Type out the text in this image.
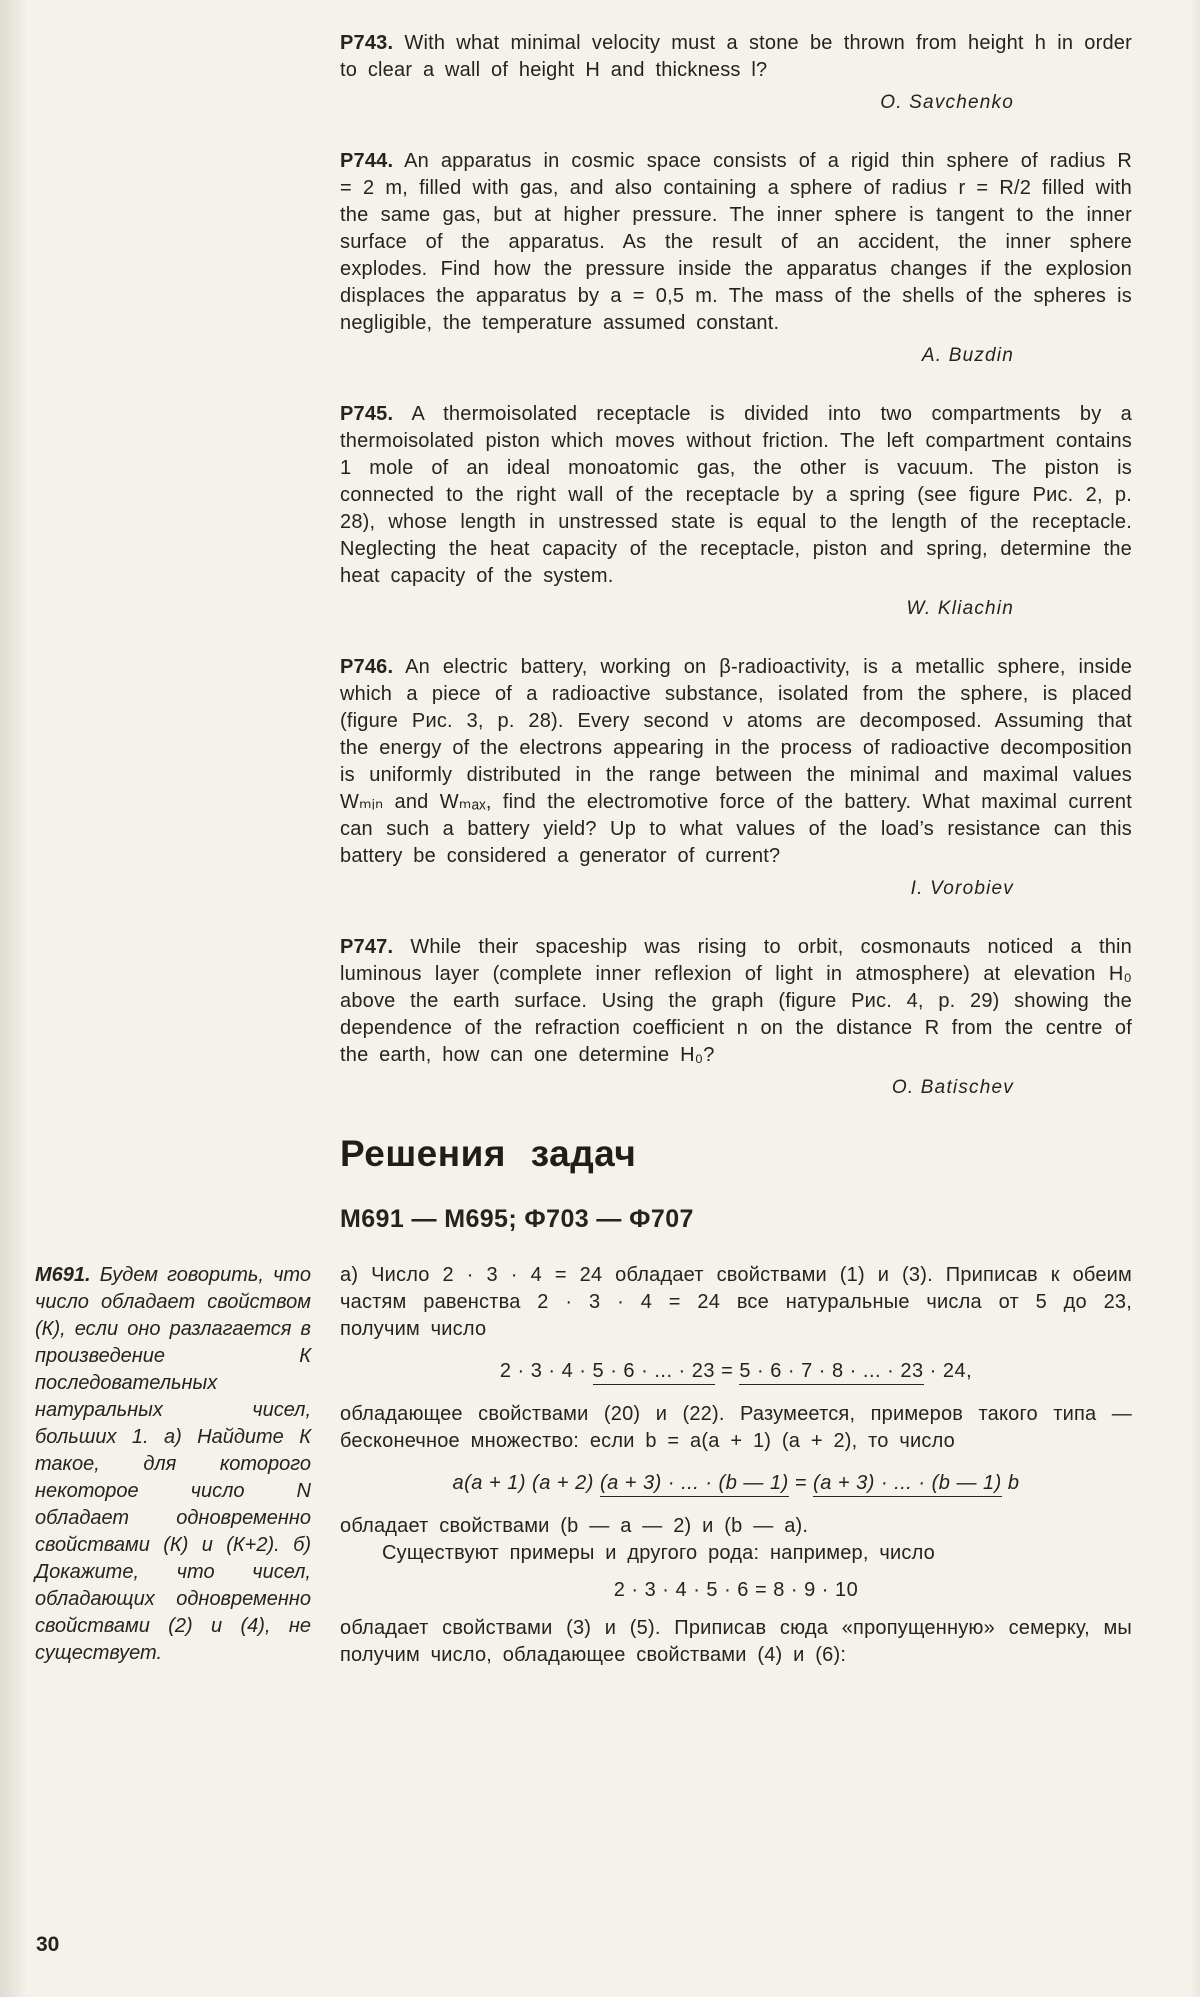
P743. With what minimal velocity must a stone be thrown from height h in order to clear a wall of height H and thickness l?

O. Savchenko

P744. An apparatus in cosmic space consists of a rigid thin sphere of radius R = 2 m, filled with gas, and also containing a sphere of radius r = R/2 filled with the same gas, but at higher pressure. The inner sphere is tangent to the inner surface of the apparatus. As the result of an accident, the inner sphere explodes. Find how the pressure inside the apparatus changes if the explosion displaces the apparatus by a = 0,5 m. The mass of the shells of the spheres is negligible, the temperature assumed constant.

A. Buzdin

P745. A thermoisolated receptacle is divided into two compartments by a thermoisolated piston which moves without friction. The left compartment contains 1 mole of an ideal monoatomic gas, the other is vacuum. The piston is connected to the right wall of the receptacle by a spring (see figure Рис. 2, p. 28), whose length in unstressed state is equal to the length of the receptacle. Neglecting the heat capacity of the receptacle, piston and spring, determine the heat capacity of the system.

W. Kliachin

P746. An electric battery, working on β-radioactivity, is a metallic sphere, inside which a piece of a radioactive substance, isolated from the sphere, is placed (figure Рис. 3, p. 28). Every second ν atoms are decomposed. Assuming that the energy of the electrons appearing in the process of radioactive decomposition is uniformly distributed in the range between the minimal and maximal values Wₘᵢₙ and Wₘₐₓ, find the electromotive force of the battery. What maximal current can such a battery yield? Up to what values of the load’s resistance can this battery be considered a generator of current?

I. Vorobiev

P747. While their spaceship was rising to orbit, cosmonauts noticed a thin luminous layer (complete inner reflexion of light in atmosphere) at elevation H₀ above the earth surface. Using the graph (figure Рис. 4, p. 29) showing the dependence of the refraction coefficient n on the distance R from the centre of the earth, how can one determine H₀?

O. Batischev

Решения задач
М691 — М695; Ф703 — Ф707

М691. Будем говорить, что число обладает свойством (К), если оно разлагается в произведение К последовательных натуральных чисел, больших 1. а) Найдите К такое, для которого некоторое число N обладает одновременно свойствами (К) и (К+2). б) Докажите, что чисел, обладающих одновременно свойствами (2) и (4), не существует.

а) Число 2 · 3 · 4 = 24 обладает свойствами (1) и (3). Приписав к обеим частям равенства 2 · 3 · 4 = 24 все натуральные числа от 5 до 23, получим число

2 · 3 · 4 · 5 · 6 · ... · 23 = 5 · 6 · 7 · 8 · ... · 23 · 24,

обладающее свойствами (20) и (22). Разумеется, примеров такого типа — бесконечное множество: если b = a(a + 1) (a + 2), то число

a(a + 1) (a + 2) (a + 3) · ... · (b — 1) = (a + 3) · ... · (b — 1) b

обладает свойствами (b — a — 2) и (b — a).

Существуют примеры и другого рода: например, число

2 · 3 · 4 · 5 · 6 = 8 · 9 · 10

обладает свойствами (3) и (5). Приписав сюда «пропущенную» семерку, мы получим число, обладающее свойствами (4) и (6):

30
